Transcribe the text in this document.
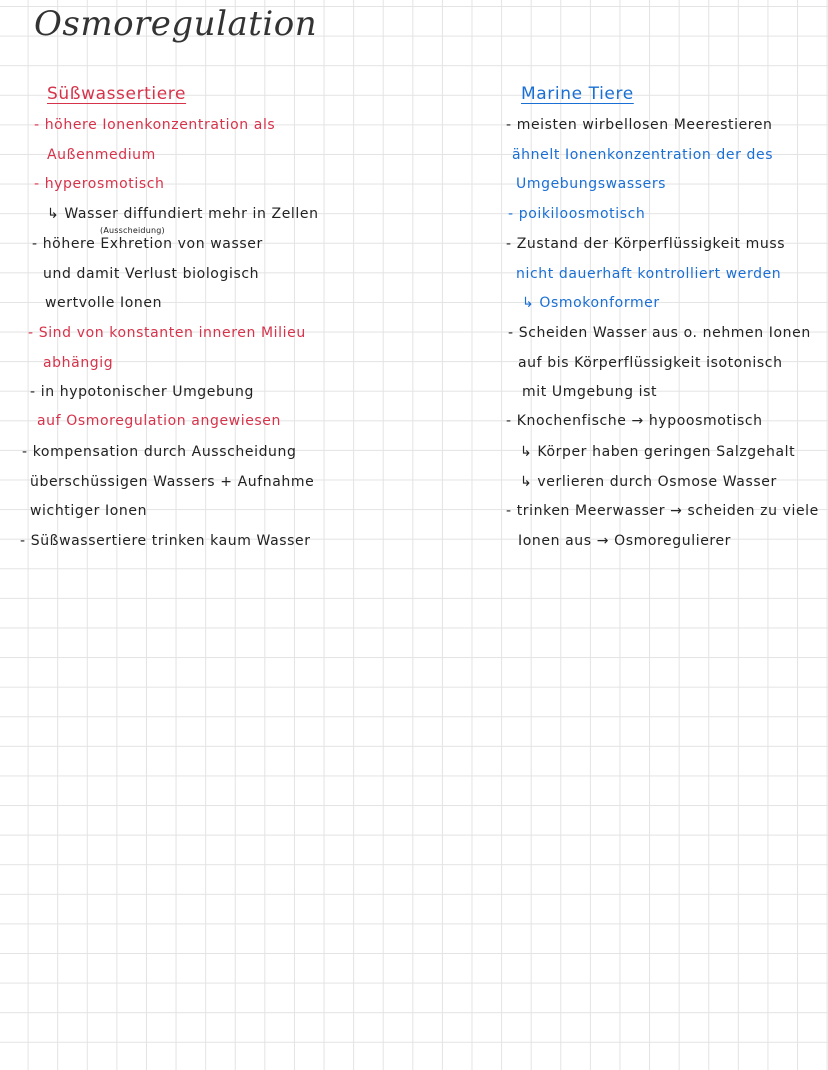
Osmoregulation
Süßwassertiere
- höhere Ionenkonzentration als
Außenmedium
- hyperosmotisch
↳ Wasser diffundiert mehr in Zellen
(Ausscheidung)
- höhere Exhretion von wasser
und damit Verlust biologisch
wertvolle Ionen
- Sind von konstanten inneren Milieu
abhängig
- in hypotonischer Umgebung
auf Osmoregulation angewiesen
- kompensation durch Ausscheidung
überschüssigen Wassers + Aufnahme
wichtiger Ionen
- Süßwassertiere trinken kaum Wasser
Marine Tiere
- meisten wirbellosen Meerestieren
ähnelt Ionenkonzentration der des
Umgebungswassers
- poikiloosmotisch
- Zustand der Körperflüssigkeit muss
nicht dauerhaft kontrolliert werden
↳ Osmokonformer
- Scheiden Wasser aus o. nehmen Ionen
auf bis Körperflüssigkeit isotonisch
mit Umgebung ist
- Knochenfische → hypoosmotisch
↳ Körper haben geringen Salzgehalt
↳ verlieren durch Osmose Wasser
- trinken Meerwasser → scheiden zu viele
Ionen aus → Osmoregulierer
